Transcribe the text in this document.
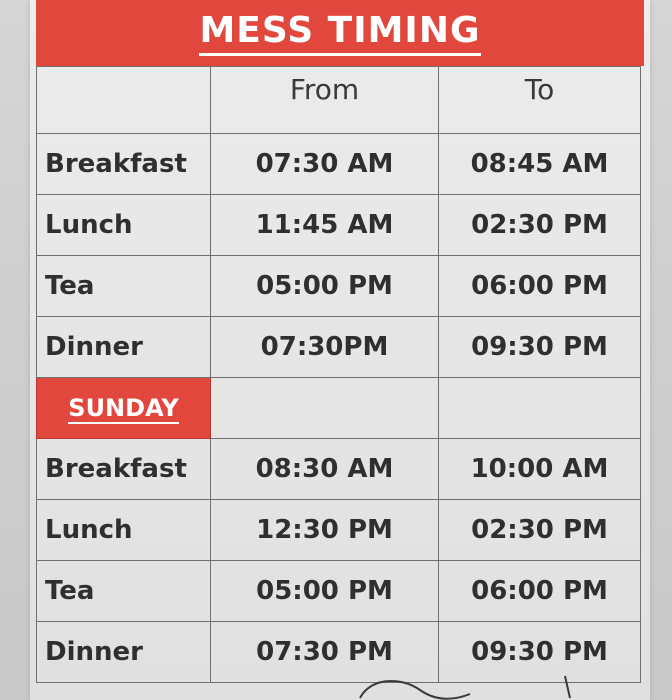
MESS TIMING
	From	To
Breakfast	07:30 AM	08:45 AM
Lunch	11:45 AM	02:30 PM
Tea	05:00 PM	06:00 PM
Dinner	07:30PM	09:30 PM
SUNDAY		
Breakfast	08:30 AM	10:00 AM
Lunch	12:30 PM	02:30 PM
Tea	05:00 PM	06:00 PM
Dinner	07:30 PM	09:30 PM
